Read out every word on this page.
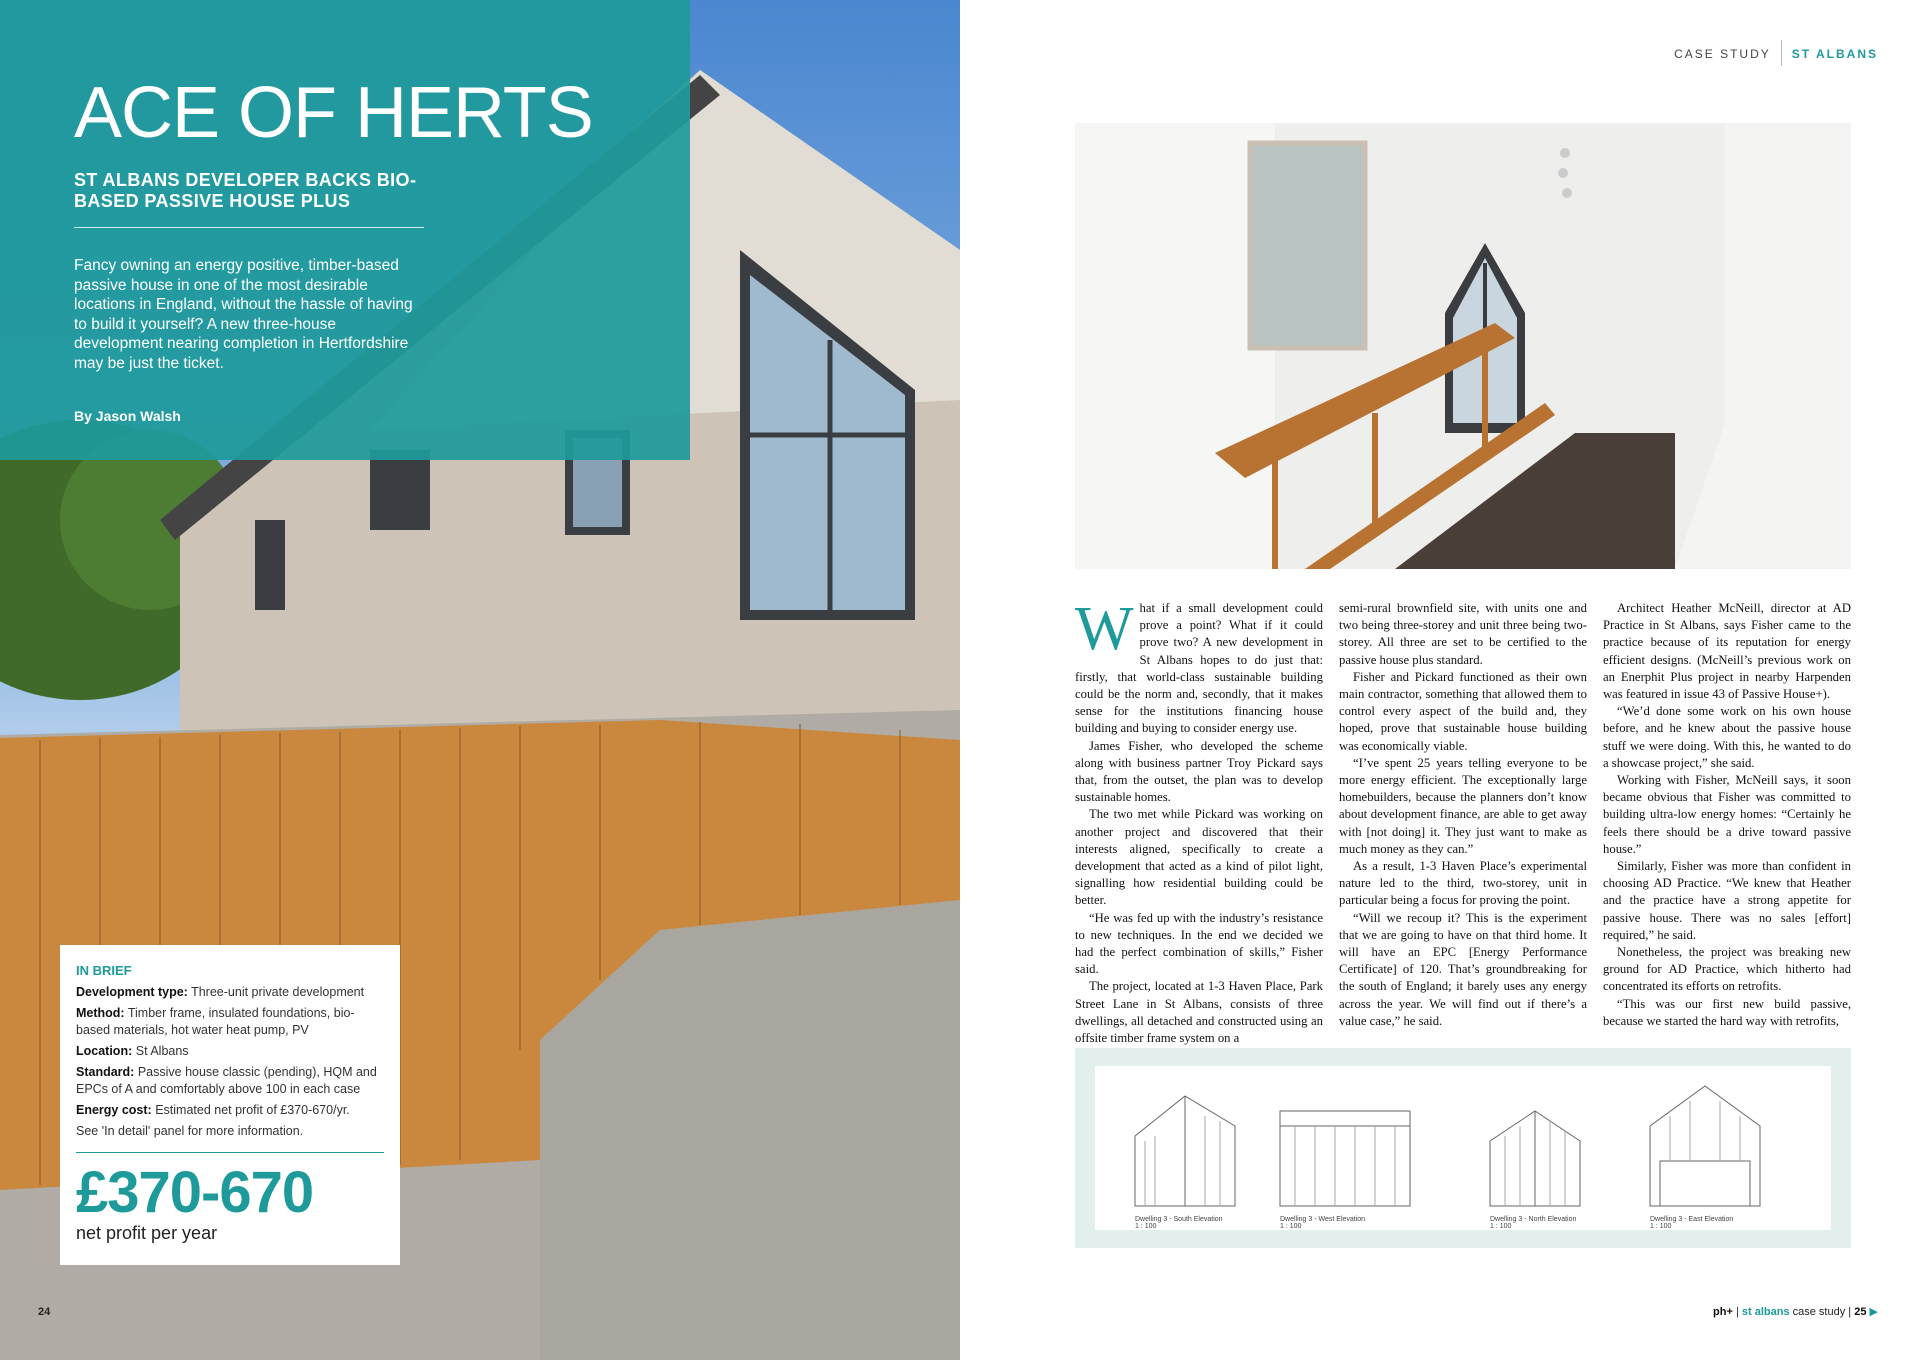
ACE OF HERTS
ST ALBANS DEVELOPER BACKS BIO-BASED PASSIVE HOUSE PLUS

Fancy owning an energy positive, timber-based passive house in one of the most desirable locations in England, without the hassle of having to build it yourself? A new three-house development nearing completion in Hertfordshire may be just the ticket.

By Jason Walsh

IN BRIEF

Development type: Three-unit private development

Method: Timber frame, insulated foundations, bio-based materials, hot water heat pump, PV

Location: St Albans

Standard: Passive house classic (pending), HQM and EPCs of A and comfortably above 100 in each case

Energy cost: Estimated net profit of £370-670/yr.

See 'In detail' panel for more information.

£370-670
net profit per year
24
CASE STUDY ST ALBANS

What if a small development could prove a point? What if it could prove two? A new development in St Albans hopes to do just that: firstly, that world-class sustainable building could be the norm and, secondly, that it makes sense for the institutions financing house building and buying to consider energy use.

James Fisher, who developed the scheme along with business partner Troy Pickard says that, from the outset, the plan was to develop sustainable homes.

The two met while Pickard was working on another project and discovered that their interests aligned, specifically to create a development that acted as a kind of pilot light, signalling how residential building could be better.

“He was fed up with the industry’s resistance to new techniques. In the end we decided we had the perfect combination of skills,” Fisher said.

The project, located at 1-3 Haven Place, Park Street Lane in St Albans, consists of three dwellings, all detached and constructed using an offsite timber frame system on a

semi-rural brownfield site, with units one and two being three-storey and unit three being two-storey. All three are set to be certified to the passive house plus standard.

Fisher and Pickard functioned as their own main contractor, something that allowed them to control every aspect of the build and, they hoped, prove that sustainable house building was economically viable.

“I’ve spent 25 years telling everyone to be more energy efficient. The exceptionally large homebuilders, because the planners don’t know about development finance, are able to get away with [not doing] it. They just want to make as much money as they can.”

As a result, 1-3 Haven Place’s experimental nature led to the third, two-storey, unit in particular being a focus for proving the point.

“Will we recoup it? This is the experiment that we are going to have on that third home. It will have an EPC [Energy Performance Certificate] of 120. That’s groundbreaking for the south of England; it barely uses any energy across the year. We will find out if there’s a value case,” he said.

Architect Heather McNeill, director at AD Practice in St Albans, says Fisher came to the practice because of its reputation for energy efficient designs. (McNeill’s previous work on an Enerphit Plus project in nearby Harpenden was featured in issue 43 of Passive House+).

“We’d done some work on his own house before, and he knew about the passive house stuff we were doing. With this, he wanted to do a showcase project,” she said.

Working with Fisher, McNeill says, it soon became obvious that Fisher was committed to building ultra-low energy homes: “Certainly he feels there should be a drive toward passive house.”

Similarly, Fisher was more than confident in choosing AD Practice. “We knew that Heather and the practice have a strong appetite for passive house. There was no sales [effort] required,” he said.

Nonetheless, the project was breaking new ground for AD Practice, which hitherto had concentrated its efforts on retrofits.

“This was our first new build passive, because we started the hard way with retrofits,

Dwelling 3 - South Elevation
1 : 100
Dwelling 3 - West Elevation
1 : 100
Dwelling 3 - North Elevation
1 : 100
Dwelling 3 - East Elevation
1 : 100
ph+ | st albans case study | 25 ▶
